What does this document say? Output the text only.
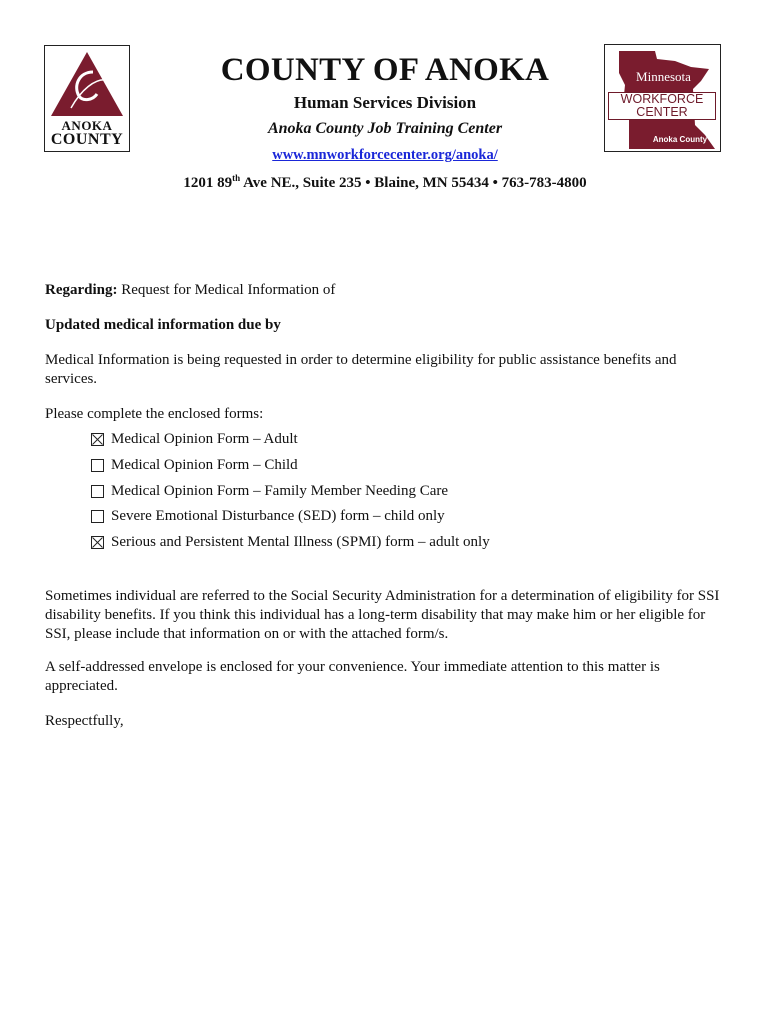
ANOKA
COUNTY
Minnesota
WORKFORCE
CENTER
Anoka County
COUNTY OF ANOKA
Human Services Division
Anoka County Job Training Center
www.mnworkforcecenter.org/anoka/
1201 89th Ave NE., Suite 235 • Blaine, MN 55434 • 763-783-4800
Regarding: Request for Medical Information of
Updated medical information due by
Medical Information is being requested in order to determine eligibility for public assistance benefits and services.
Please complete the enclosed forms:
Medical Opinion Form – Adult
Medical Opinion Form – Child
Medical Opinion Form – Family Member Needing Care
Severe Emotional Disturbance (SED) form – child only
Serious and Persistent Mental Illness (SPMI) form – adult only
Sometimes individual are referred to the Social Security Administration for a determination of eligibility for SSI disability benefits. If you think this individual has a long-term disability that may make him or her eligible for SSI, please include that information on or with the attached form/s.
A self-addressed envelope is enclosed for your convenience. Your immediate attention to this matter is appreciated.
Respectfully,
